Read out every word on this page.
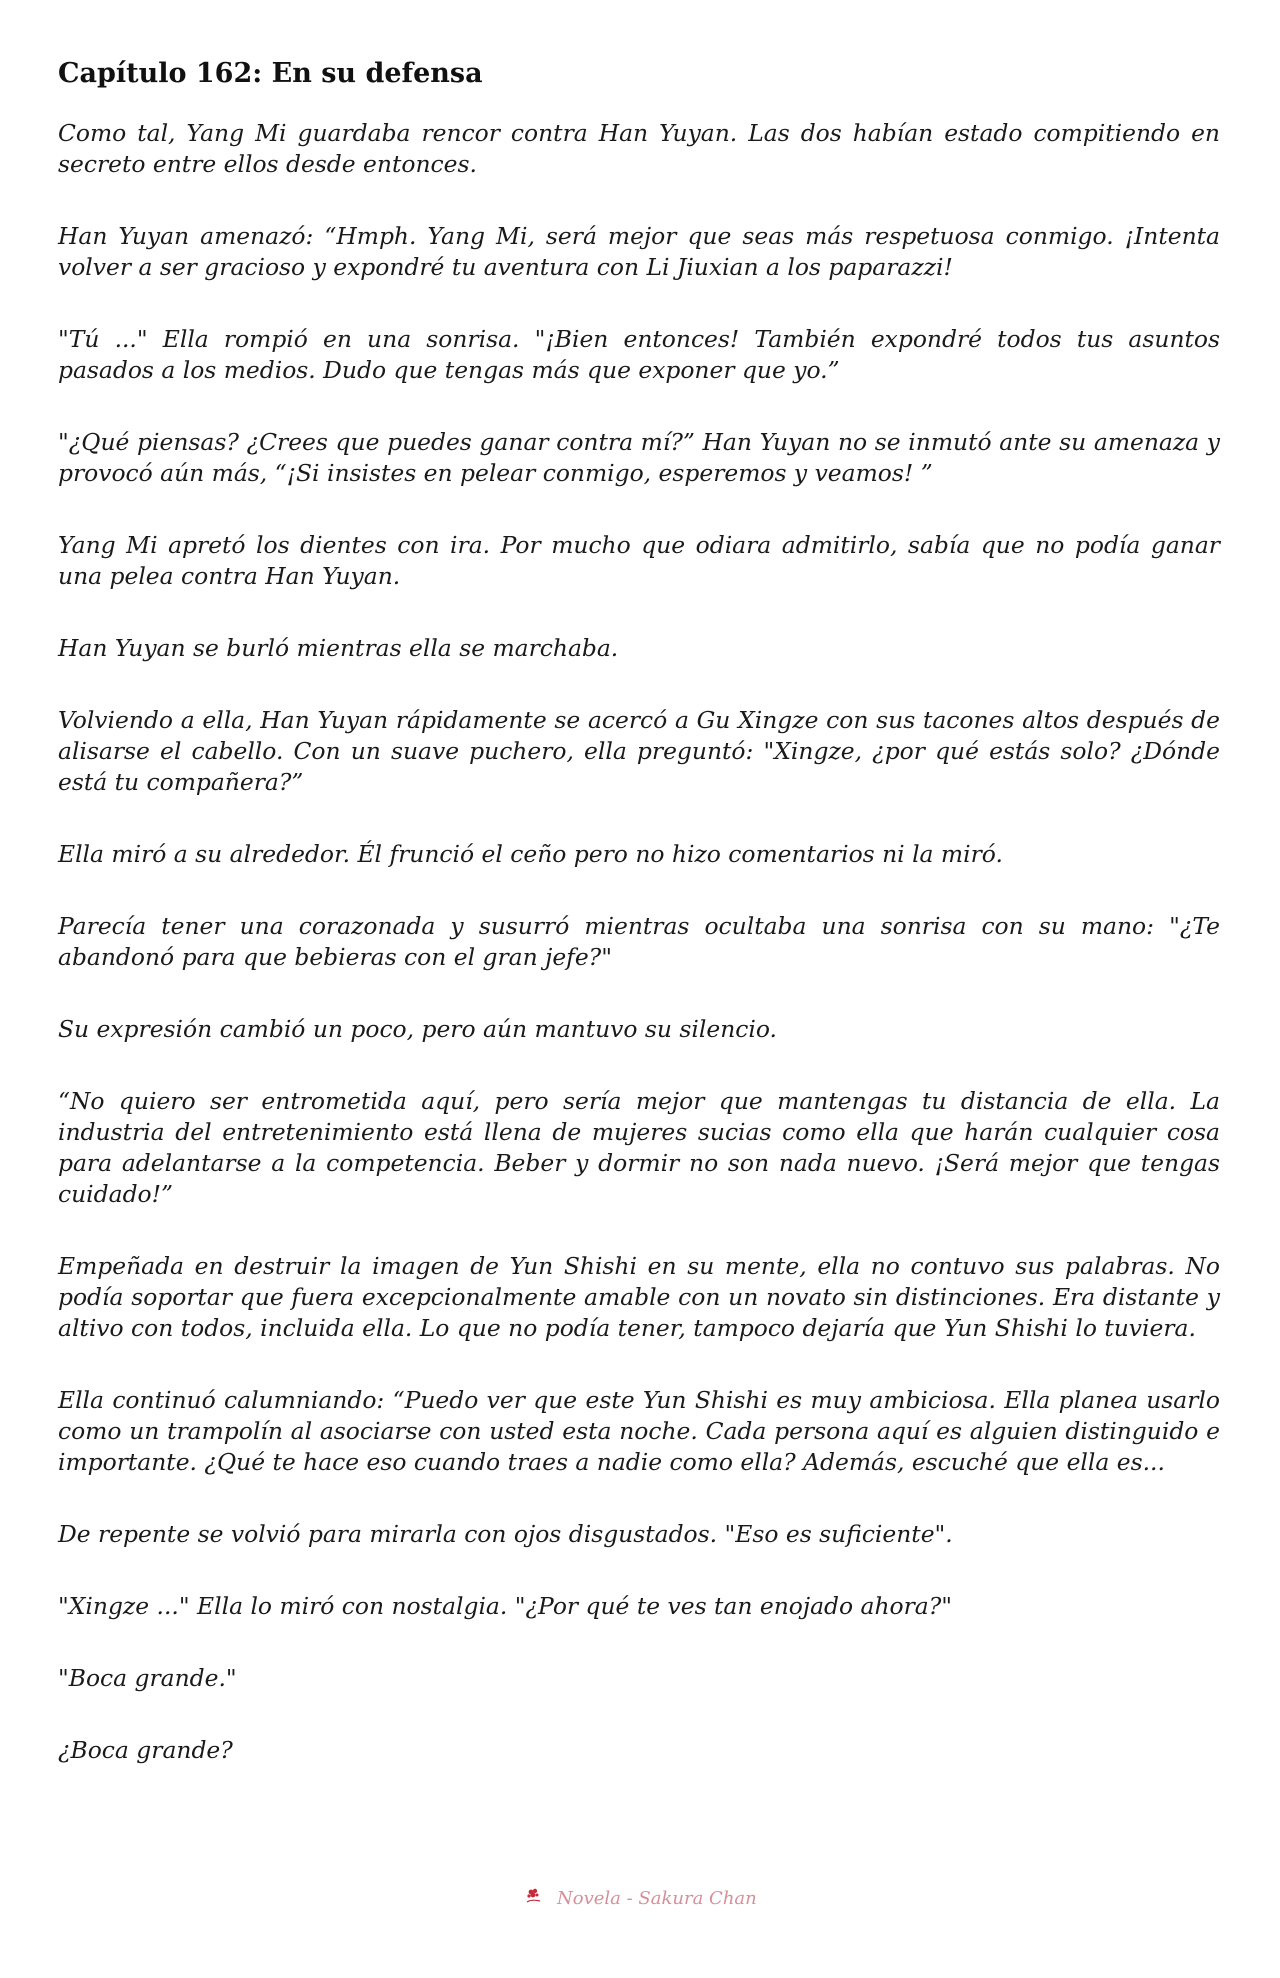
Capítulo 162: En su defensa

Como tal, Yang Mi guardaba rencor contra Han Yuyan. Las dos habían estado compitiendo en secreto entre ellos desde entonces.

Han Yuyan amenazó: “Hmph. Yang Mi, será mejor que seas más respetuosa conmigo. ¡Intenta volver a ser gracioso y expondré tu aventura con Li Jiuxian a los paparazzi!

"Tú ..." Ella rompió en una sonrisa. "¡Bien entonces! También expondré todos tus asuntos pasados a los medios. Dudo que tengas más que exponer que yo.”

"¿Qué piensas? ¿Crees que puedes ganar contra mí?” Han Yuyan no se inmutó ante su amenaza y provocó aún más, “¡Si insistes en pelear conmigo, esperemos y veamos! ”

Yang Mi apretó los dientes con ira. Por mucho que odiara admitirlo, sabía que no podía ganar una pelea contra Han Yuyan.

Han Yuyan se burló mientras ella se marchaba.

Volviendo a ella, Han Yuyan rápidamente se acercó a Gu Xingze con sus tacones altos después de alisarse el cabello. Con un suave puchero, ella preguntó: "Xingze, ¿por qué estás solo? ¿Dónde está tu compañera?”

Ella miró a su alrededor. Él frunció el ceño pero no hizo comentarios ni la miró.

Parecía tener una corazonada y susurró mientras ocultaba una sonrisa con su mano: "¿Te abandonó para que bebieras con el gran jefe?"

Su expresión cambió un poco, pero aún mantuvo su silencio.

“No quiero ser entrometida aquí, pero sería mejor que mantengas tu distancia de ella. La industria del entretenimiento está llena de mujeres sucias como ella que harán cualquier cosa para adelantarse a la competencia. Beber y dormir no son nada nuevo. ¡Será mejor que tengas cuidado!”

Empeñada en destruir la imagen de Yun Shishi en su mente, ella no contuvo sus palabras. No podía soportar que fuera excepcionalmente amable con un novato sin distinciones. Era distante y altivo con todos, incluida ella. Lo que no podía tener, tampoco dejaría que Yun Shishi lo tuviera.

Ella continuó calumniando: “Puedo ver que este Yun Shishi es muy ambiciosa. Ella planea usarlo como un trampolín al asociarse con usted esta noche. Cada persona aquí es alguien distinguido e importante. ¿Qué te hace eso cuando traes a nadie como ella? Además, escuché que ella es...

De repente se volvió para mirarla con ojos disgustados. "Eso es suficiente".

"Xingze ..." Ella lo miró con nostalgia. "¿Por qué te ves tan enojado ahora?"

"Boca grande."

¿Boca grande?

Novela - Sakura Chan
